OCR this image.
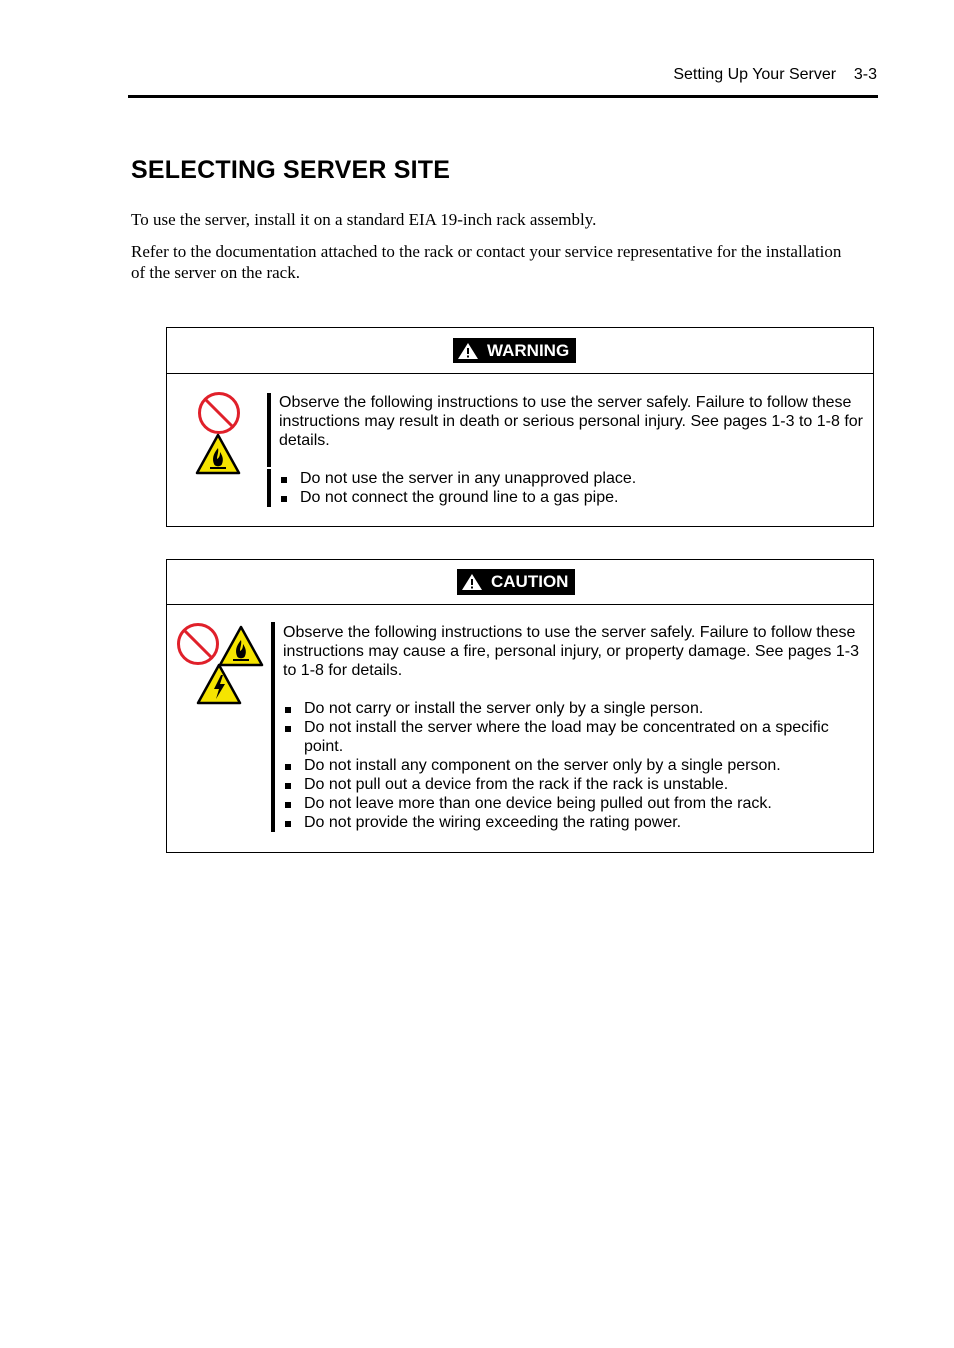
Setting Up Your Server 3-3
SELECTING SERVER SITE
To use the server, install it on a standard EIA 19-inch rack assembly.
Refer to the documentation attached to the rack or contact your service representative for the installation of the server on the rack.
WARNING
Observe the following instructions to use the server safely. Failure to follow these instructions may result in death or serious personal injury. See pages 1-3 to 1-8 for details.
Do not use the server in any unapproved place.
Do not connect the ground line to a gas pipe.
CAUTION
Observe the following instructions to use the server safely. Failure to follow these instructions may cause a fire, personal injury, or property damage. See pages 1-3 to 1-8 for details.
Do not carry or install the server only by a single person.
Do not install the server where the load may be concentrated on a specific point.
Do not install any component on the server only by a single person.
Do not pull out a device from the rack if the rack is unstable.
Do not leave more than one device being pulled out from the rack.
Do not provide the wiring exceeding the rating power.
